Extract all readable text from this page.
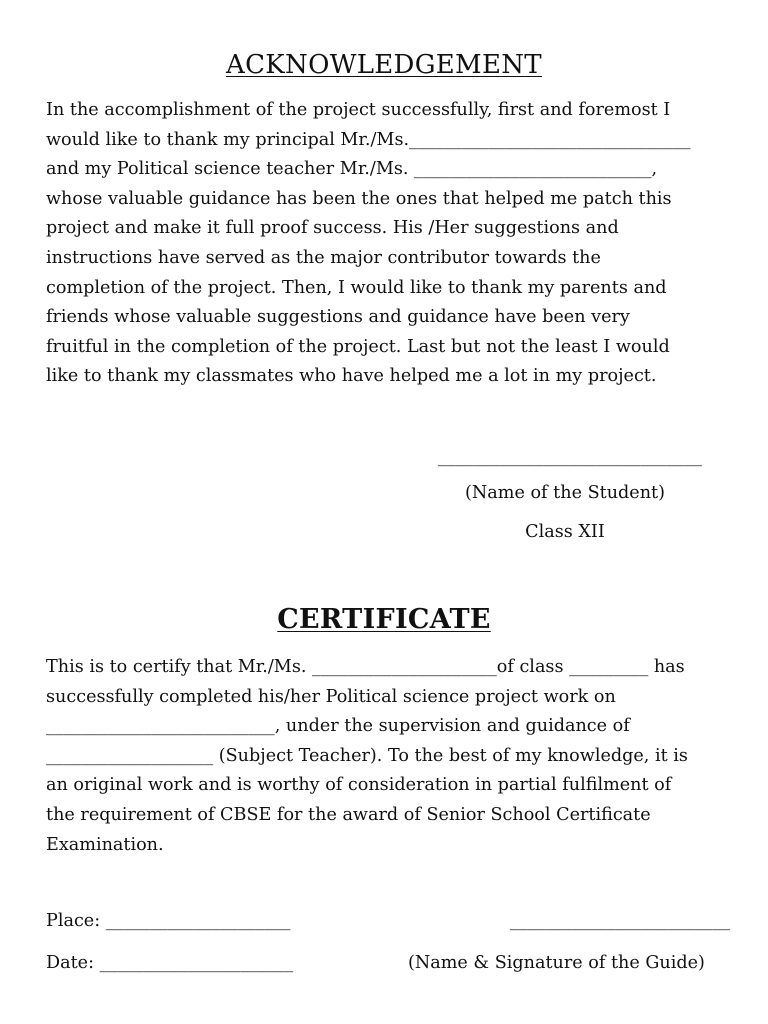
ACKNOWLEDGEMENT

In the accomplishment of the project successfully, first and foremost I
would like to thank my principal Mr./Ms.________________________________
and my Political science teacher Mr./Ms. ___________________________,
whose valuable guidance has been the ones that helped me patch this
project and make it full proof success. His /Her suggestions and
instructions have served as the major contributor towards the
completion of the project. Then, I would like to thank my parents and
friends whose valuable suggestions and guidance have been very
fruitful in the completion of the project. Last but not the least I would
like to thank my classmates who have helped me a lot in my project.

______________________________
(Name of the Student)
Class XII
CERTIFICATE

This is to certify that Mr./Ms. _____________________of class _________ has
successfully completed his/her Political science project work on
__________________________, under the supervision and guidance of
___________________ (Subject Teacher). To the best of my knowledge, it is
an original work and is worthy of consideration in partial fulfilment of
the requirement of CBSE for the award of Senior School Certificate
Examination.

Place: _____________________
Date: ______________________
_________________________
(Name & Signature of the Guide)
